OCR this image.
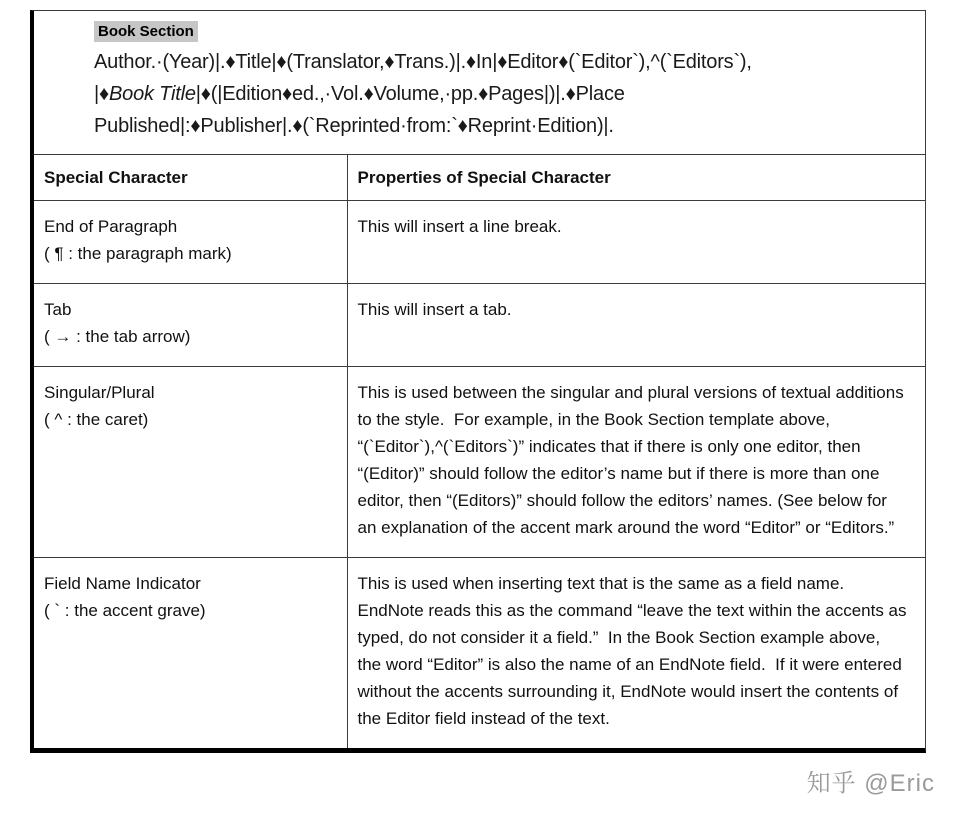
Book Section
Author.·(Year)|.♦Title|♦(Translator,♦Trans.)|.♦In|♦Editor♦(`Editor`),^(`Editors`),
|♦Book Title|♦(|Edition♦ed.,·Vol.♦Volume,·pp.♦Pages|)|.♦Place
Published|:♦Publisher|.♦(`Reprinted·from:`♦Reprint·Edition)|.
Special Character	Properties of Special Character

End of Paragraph
( ¶ : the paragraph mark)	This will insert a line break.

Tab
( → : the tab arrow)	This will insert a tab.

Singular/Plural
( ^ : the caret)	This is used between the singular and plural versions of textual additions to the style.  For example, in the Book Section template above, “(`Editor`),^(`Editors`)” indicates that if there is only one editor, then “(Editor)” should follow the editor’s name but if there is more than one editor, then “(Editors)” should follow the editors’ names. (See below for an explanation of the accent mark around the word “Editor” or “Editors.”

Field Name Indicator
( ` : the accent grave)	This is used when inserting text that is the same as a field name.  EndNote reads this as the command “leave the text within the accents as typed, do not consider it a field.”  In the Book Section example above, the word “Editor” is also the name of an EndNote field.  If it were entered without the accents surrounding it, EndNote would insert the contents of the Editor field instead of the text.
知乎 @Eric
